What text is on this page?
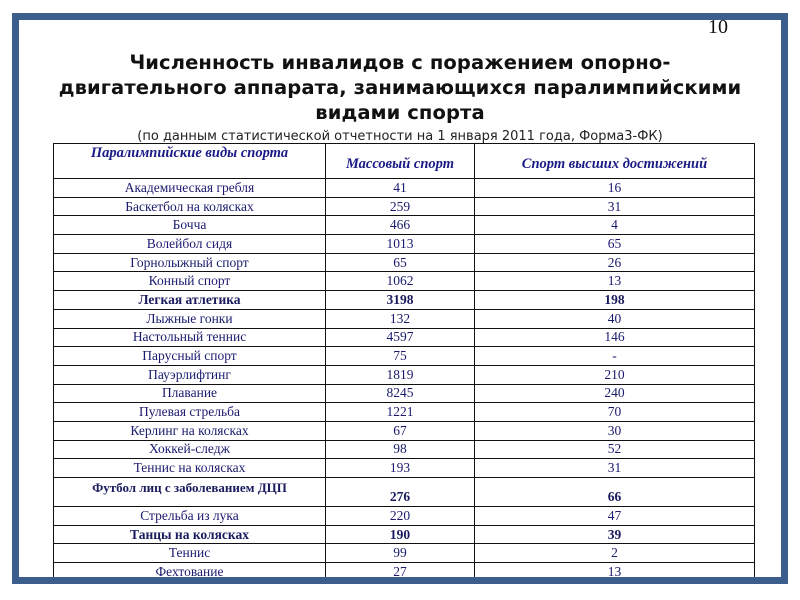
10
Численность инвалидов с поражением опорно-
двигательного аппарата, занимающихся паралимпийскими
видами спорта
(по данным статистической отчетности на 1 января 2011 года, Форма3-ФК)
Паралимпийские виды спорта	Массовый спорт	Спорт высших достижений
Академическая гребля	41	16
Баскетбол на колясках	259	31
Бочча	466	4
Волейбол сидя	1013	65
Горнолыжный спорт	65	26
Конный спорт	1062	13
Легкая атлетика	3198	198
Лыжные гонки	132	40
Настольный теннис	4597	146
Парусный спорт	75	-
Пауэрлифтинг	1819	210
Плавание	8245	240
Пулевая стрельба	1221	70
Керлинг на колясках	67	30
Хоккей-следж	98	52
Теннис на колясках	193	31
Футбол лиц с заболеванием ДЦП	276	66
Стрельба из лука	220	47
Танцы на колясках	190	39
Теннис	99	2
Фехтование	27	13
